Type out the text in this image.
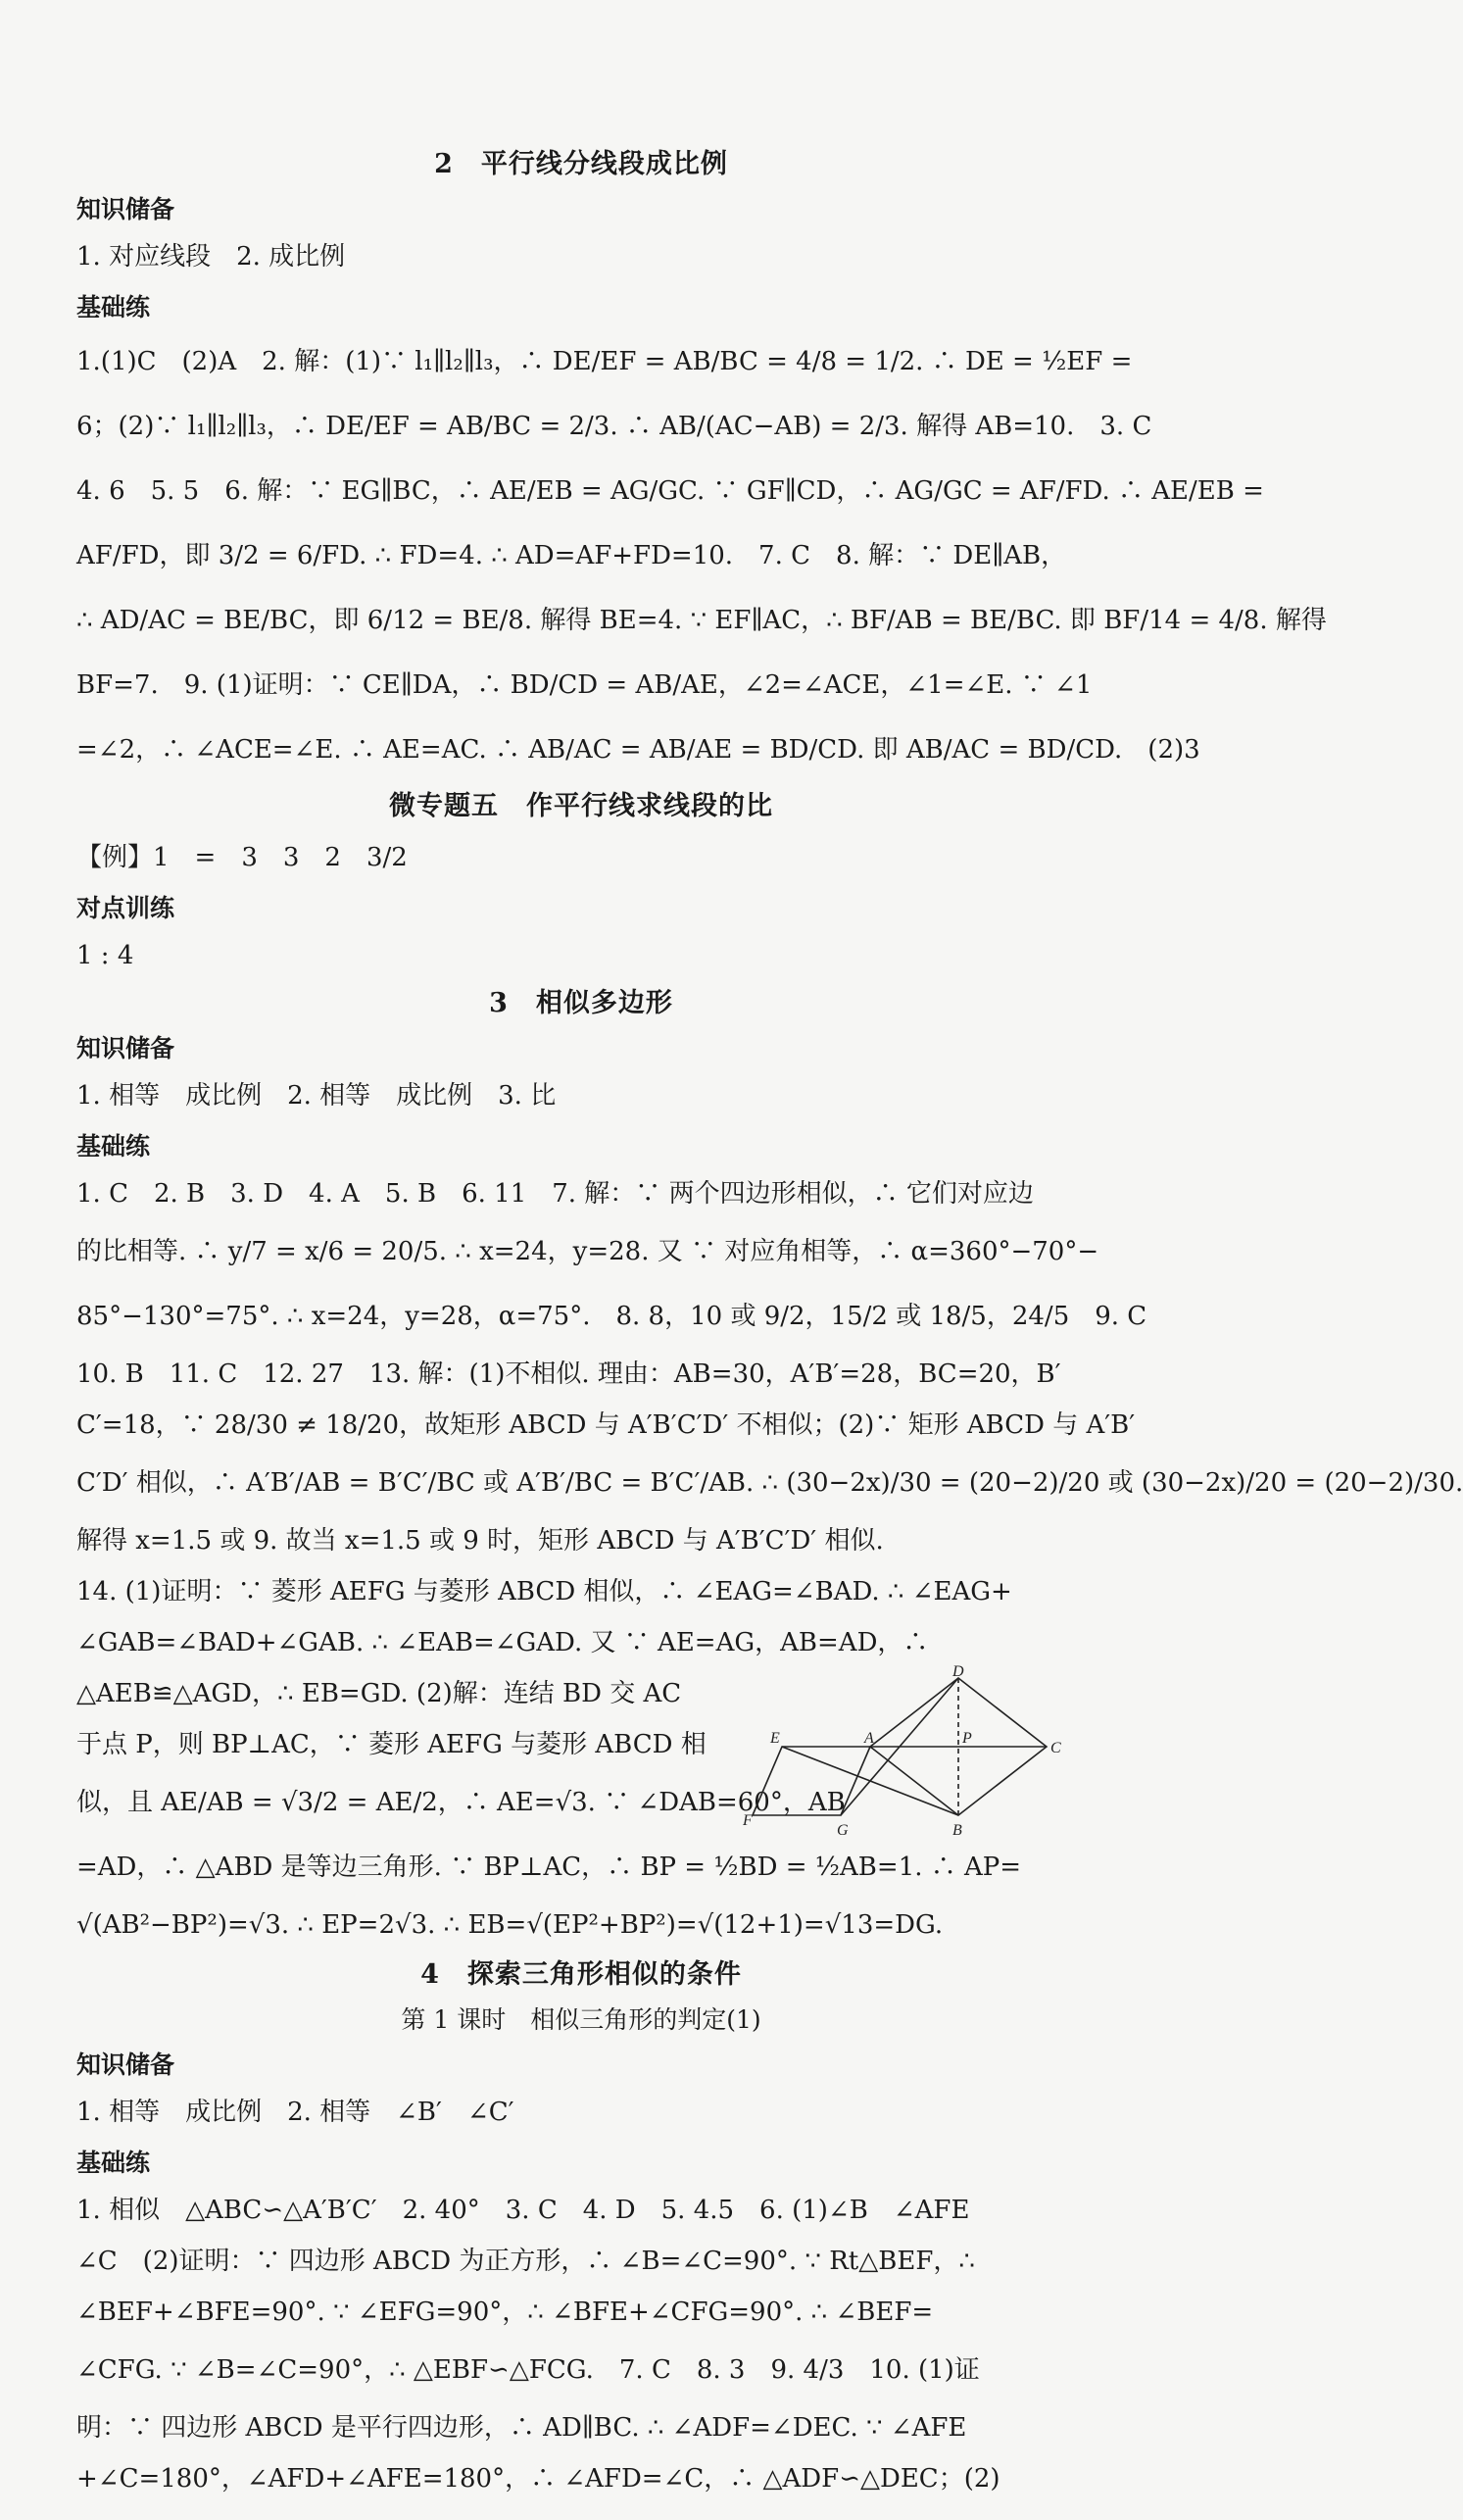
2　平行线分线段成比例
知识储备
1. 对应线段　2. 成比例
基础练
1.(1)C　(2)A　2. 解：(1)∵ l₁∥l₂∥l₃，∴ DE/EF = AB/BC = 4/8 = 1/2. ∴ DE = ½EF =
6；(2)∵ l₁∥l₂∥l₃，∴ DE/EF = AB/BC = 2/3. ∴ AB/(AC−AB) = 2/3. 解得 AB=10.　3. C
4. 6　5. 5　6. 解：∵ EG∥BC，∴ AE/EB = AG/GC. ∵ GF∥CD，∴ AG/GC = AF/FD. ∴ AE/EB =
AF/FD，即 3/2 = 6/FD. ∴ FD=4. ∴ AD=AF+FD=10.　7. C　8. 解：∵ DE∥AB，
∴ AD/AC = BE/BC，即 6/12 = BE/8. 解得 BE=4. ∵ EF∥AC，∴ BF/AB = BE/BC. 即 BF/14 = 4/8. 解得
BF=7.　9. (1)证明：∵ CE∥DA，∴ BD/CD = AB/AE，∠2=∠ACE，∠1=∠E. ∵ ∠1
=∠2，∴ ∠ACE=∠E. ∴ AE=AC. ∴ AB/AC = AB/AE = BD/CD. 即 AB/AC = BD/CD.　(2)3
微专题五　作平行线求线段的比
【例】1　=　3　3　2　3/2
对点训练
1 : 4
3　相似多边形
知识储备
1. 相等　成比例　2. 相等　成比例　3. 比
基础练
1. C　2. B　3. D　4. A　5. B　6. 11　7. 解：∵ 两个四边形相似，∴ 它们对应边
的比相等. ∴ y/7 = x/6 = 20/5. ∴ x=24，y=28. 又 ∵ 对应角相等，∴ α=360°−70°−
85°−130°=75°. ∴ x=24，y=28，α=75°.　8. 8，10 或 9/2，15/2 或 18/5，24/5　9. C
10. B　11. C　12. 27　13. 解：(1)不相似. 理由：AB=30，A′B′=28，BC=20，B′
C′=18，∵ 28/30 ≠ 18/20，故矩形 ABCD 与 A′B′C′D′ 不相似；(2)∵ 矩形 ABCD 与 A′B′
C′D′ 相似，∴ A′B′/AB = B′C′/BC 或 A′B′/BC = B′C′/AB. ∴ (30−2x)/30 = (20−2)/20 或 (30−2x)/20 = (20−2)/30.
解得 x=1.5 或 9. 故当 x=1.5 或 9 时，矩形 ABCD 与 A′B′C′D′ 相似.
14. (1)证明：∵ 菱形 AEFG 与菱形 ABCD 相似，∴ ∠EAG=∠BAD. ∴ ∠EAG+
∠GAB=∠BAD+∠GAB. ∴ ∠EAB=∠GAD. 又 ∵ AE=AG，AB=AD，∴
D
E	A	P
C
F
G	B
△AEB≌△AGD，∴ EB=GD. (2)解：连结 BD 交 AC
于点 P，则 BP⊥AC，∵ 菱形 AEFG 与菱形 ABCD 相
似，且 AE/AB = √3/2 = AE/2，∴ AE=√3. ∵ ∠DAB=60°，AB
=AD，∴ △ABD 是等边三角形. ∵ BP⊥AC，∴ BP = ½BD = ½AB=1. ∴ AP=
√(AB²−BP²)=√3. ∴ EP=2√3. ∴ EB=√(EP²+BP²)=√(12+1)=√13=DG.
4　探索三角形相似的条件
第 1 课时　相似三角形的判定(1)
知识储备
1. 相等　成比例　2. 相等　∠B′　∠C′
基础练
1. 相似　△ABC∽△A′B′C′　2. 40°　3. C　4. D　5. 4.5　6. (1)∠B　∠AFE
∠C　(2)证明：∵ 四边形 ABCD 为正方形，∴ ∠B=∠C=90°. ∵ Rt△BEF，∴
∠BEF+∠BFE=90°. ∵ ∠EFG=90°，∴ ∠BFE+∠CFG=90°. ∴ ∠BEF=
∠CFG. ∵ ∠B=∠C=90°，∴ △EBF∽△FCG.　7. C　8. 3　9. 4/3　10. (1)证
明：∵ 四边形 ABCD 是平行四边形，∴ AD∥BC. ∴ ∠ADF=∠DEC. ∵ ∠AFE
+∠C=180°，∠AFD+∠AFE=180°，∴ ∠AFD=∠C，∴ △ADF∽△DEC；(2)
